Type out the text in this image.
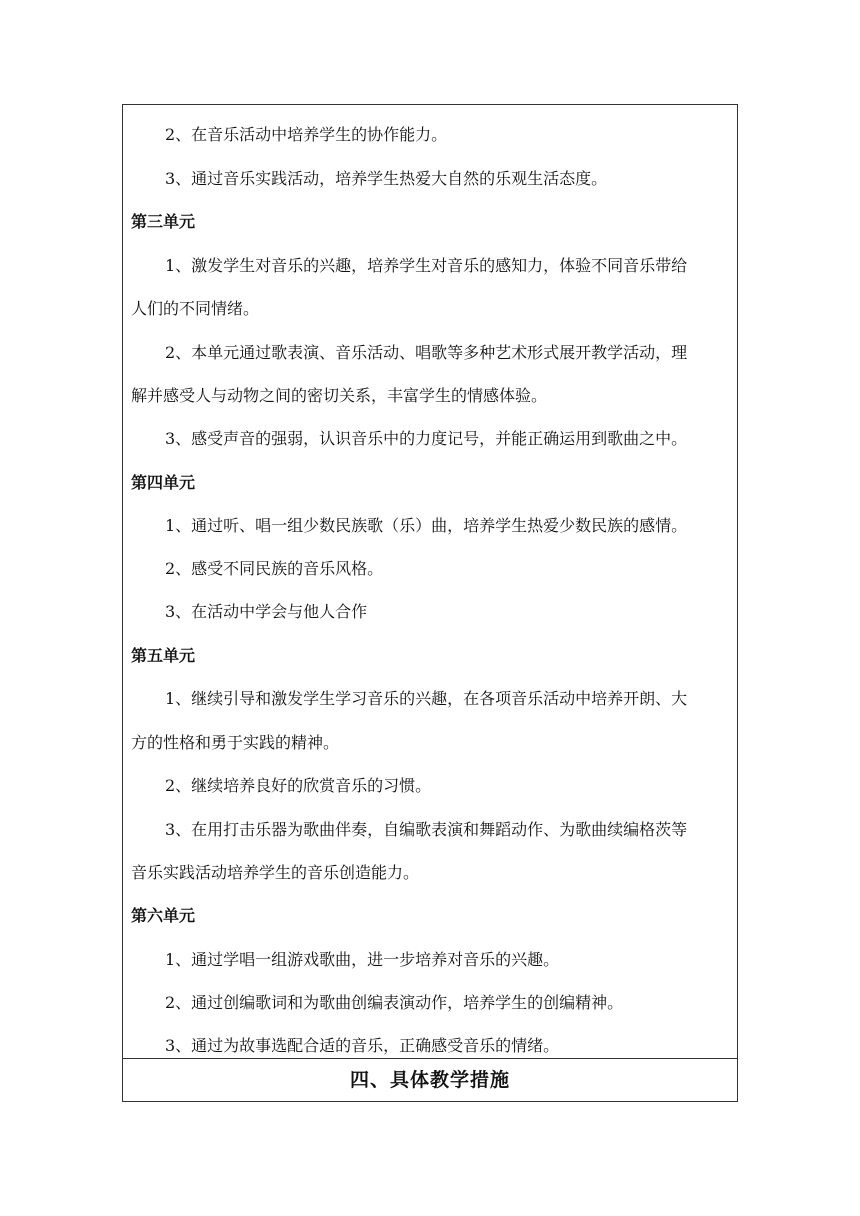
2、在音乐活动中培养学生的协作能力。
3、通过音乐实践活动，培养学生热爱大自然的乐观生活态度。
第三单元
1、激发学生对音乐的兴趣，培养学生对音乐的感知力，体验不同音乐带给
人们的不同情绪。
2、本单元通过歌表演、音乐活动、唱歌等多种艺术形式展开教学活动，理
解并感受人与动物之间的密切关系，丰富学生的情感体验。
3、感受声音的强弱，认识音乐中的力度记号，并能正确运用到歌曲之中。
第四单元
1、通过听、唱一组少数民族歌（乐）曲，培养学生热爱少数民族的感情。
2、感受不同民族的音乐风格。
3、在活动中学会与他人合作
第五单元
1、继续引导和激发学生学习音乐的兴趣，在各项音乐活动中培养开朗、大
方的性格和勇于实践的精神。
2、继续培养良好的欣赏音乐的习惯。
3、在用打击乐器为歌曲伴奏，自编歌表演和舞蹈动作、为歌曲续编格茨等
音乐实践活动培养学生的音乐创造能力。
第六单元
1、通过学唱一组游戏歌曲，进一步培养对音乐的兴趣。
2、通过创编歌词和为歌曲创编表演动作，培养学生的创编精神。
3、通过为故事选配合适的音乐，正确感受音乐的情绪。
四、具体教学措施
